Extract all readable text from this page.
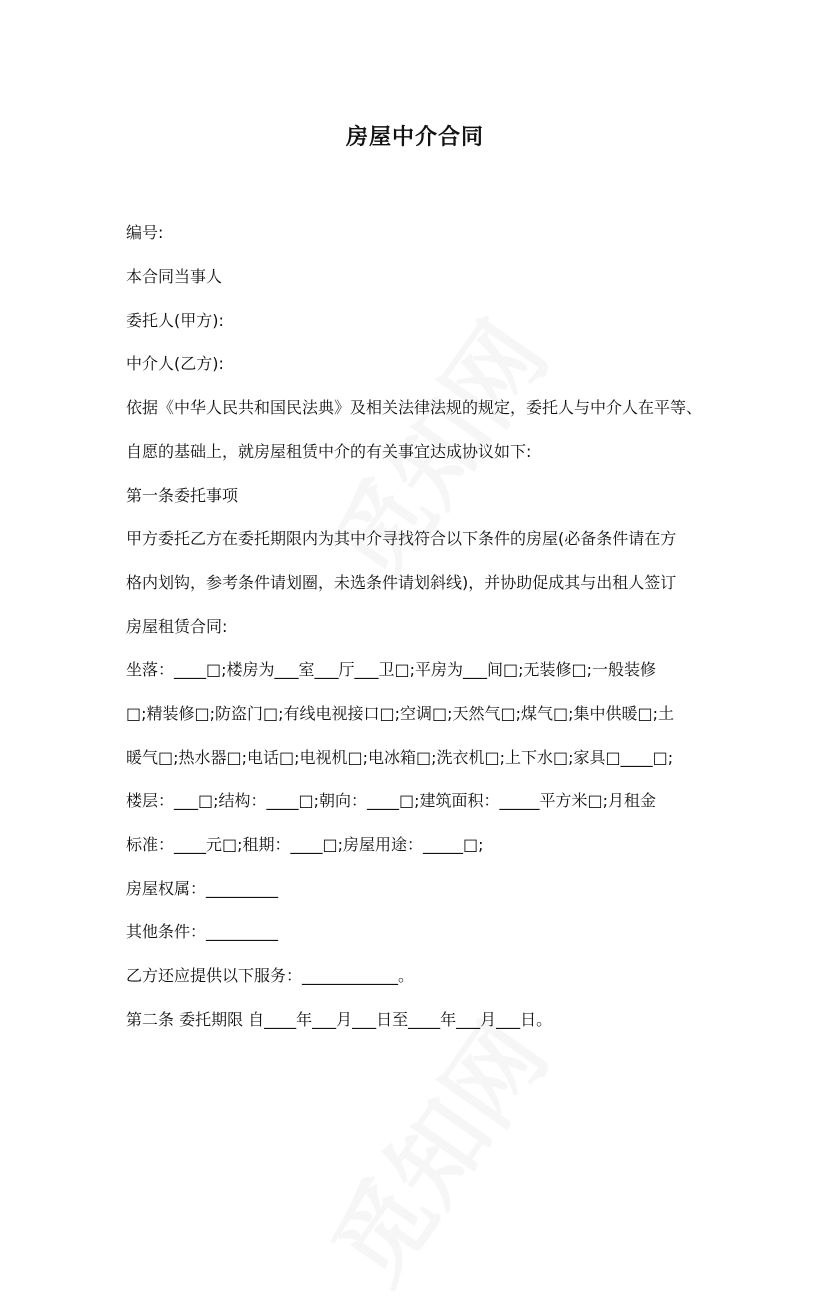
房屋中介合同
编号:
本合同当事人
委托人(甲方):
中介人(乙方):
依据《中华人民共和国民法典》及相关法律法规的规定，委托人与中介人在平等、
自愿的基础上，就房屋租赁中介的有关事宜达成协议如下:
第一条委托事项
甲方委托乙方在委托期限内为其中介寻找符合以下条件的房屋(必备条件请在方
格内划钩，参考条件请划圈，未选条件请划斜线)，并协助促成其与出租人签订
房屋租赁合同:
坐落：____□;楼房为___室___厅___卫□;平房为___间□;无装修□;一般装修
□;精装修□;防盗门□;有线电视接口□;空调□;天然气□;煤气□;集中供暖□;土
暖气□;热水器□;电话□;电视机□;电冰箱□;洗衣机□;上下水□;家具□____□;
楼层：___□;结构：____□;朝向：____□;建筑面积：_____平方米□;月租金
标准：____元□;租期：____□;房屋用途：_____□;
房屋权属：_________
其他条件：_________
乙方还应提供以下服务：____________。
第二条 委托期限 自____年___月___日至____年___月___日。
